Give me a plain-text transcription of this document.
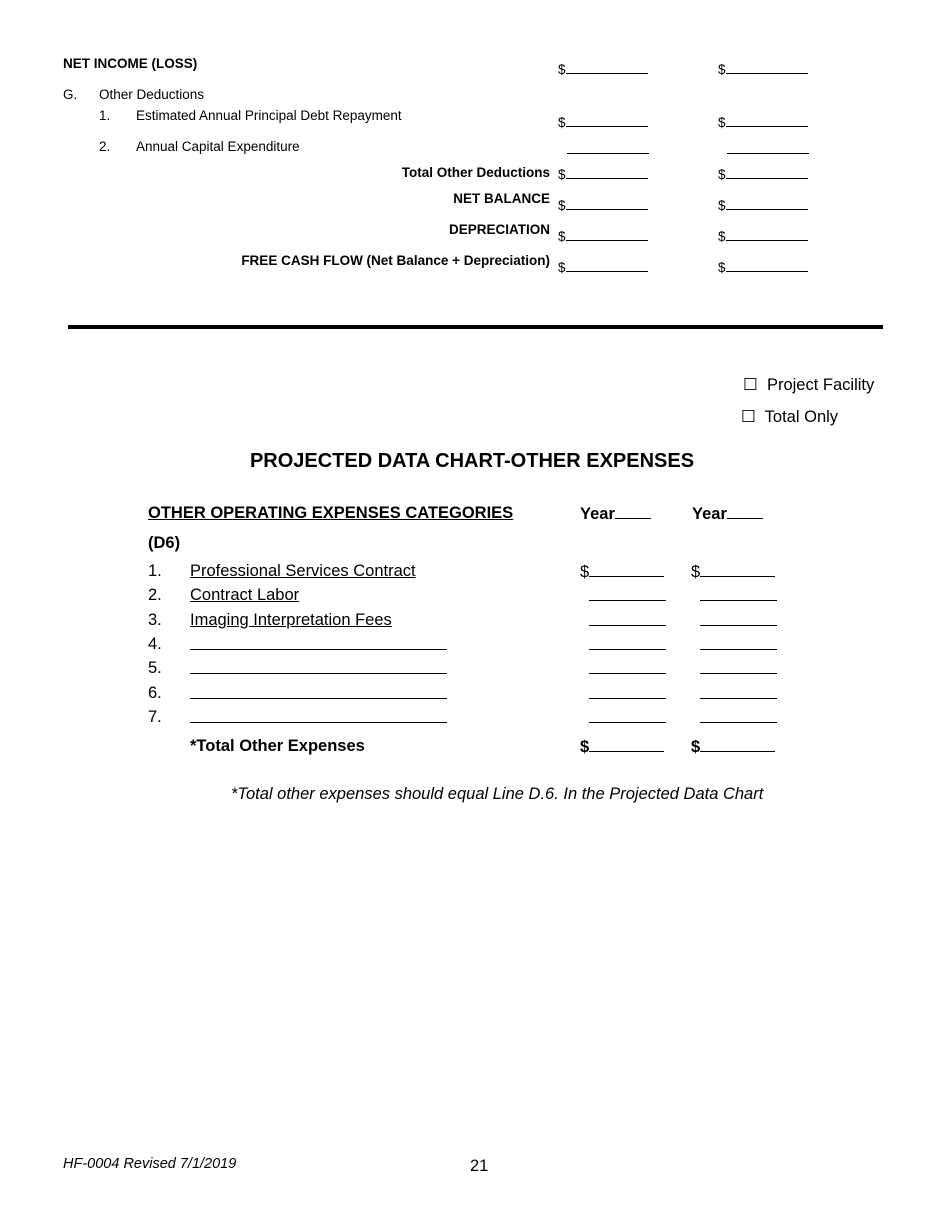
NET INCOME (LOSS)	$	$
G. Other Deductions
1. Estimated Annual Principal Debt Repayment	$	$
2. Annual Capital Expenditure
Total Other Deductions $	$
NET BALANCE $	$
DEPRECIATION $	$
FREE CASH FLOW (Net Balance + Depreciation) $	$
☐ Project Facility
☐ Total Only
PROJECTED DATA CHART-OTHER EXPENSES
OTHER OPERATING EXPENSES CATEGORIES	Year	Year
(D6)
1. Professional Services Contract	$	$
2. Contract Labor
3. Imaging Interpretation Fees
4.
5.
6.
7.
*Total Other Expenses	$	$
*Total other expenses should equal Line D.6. In the Projected Data Chart
HF-0004 Revised 7/1/2019	21
